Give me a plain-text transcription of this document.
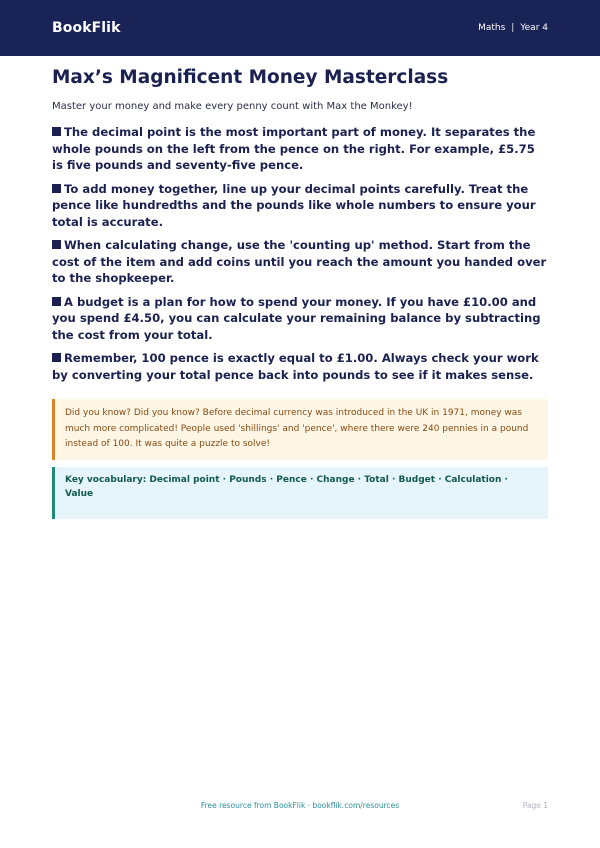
BookFlik	Maths | Year 4
Max’s Magnificent Money Masterclass

Master your money and make every penny count with Max the Monkey!

The decimal point is the most important part of money. It separates the whole pounds on the left from the pence on the right. For example, £5.75 is five pounds and seventy-five pence.

To add money together, line up your decimal points carefully. Treat the pence like hundredths and the pounds like whole numbers to ensure your total is accurate.

When calculating change, use the 'counting up' method. Start from the cost of the item and add coins until you reach the amount you handed over to the shopkeeper.

A budget is a plan for how to spend your money. If you have £10.00 and you spend £4.50, you can calculate your remaining balance by subtracting the cost from your total.

Remember, 100 pence is exactly equal to £1.00. Always check your work by converting your total pence back into pounds to see if it makes sense.

Did you know? Did you know? Before decimal currency was introduced in the UK in 1971, money was much more complicated! People used 'shillings' and 'pence', where there were 240 pennies in a pound instead of 100. It was quite a puzzle to solve!
Key vocabulary: Decimal point · Pounds · Pence · Change · Total · Budget · Calculation · Value
Free resource from BookFlik · bookflik.com/resources	Page 1
